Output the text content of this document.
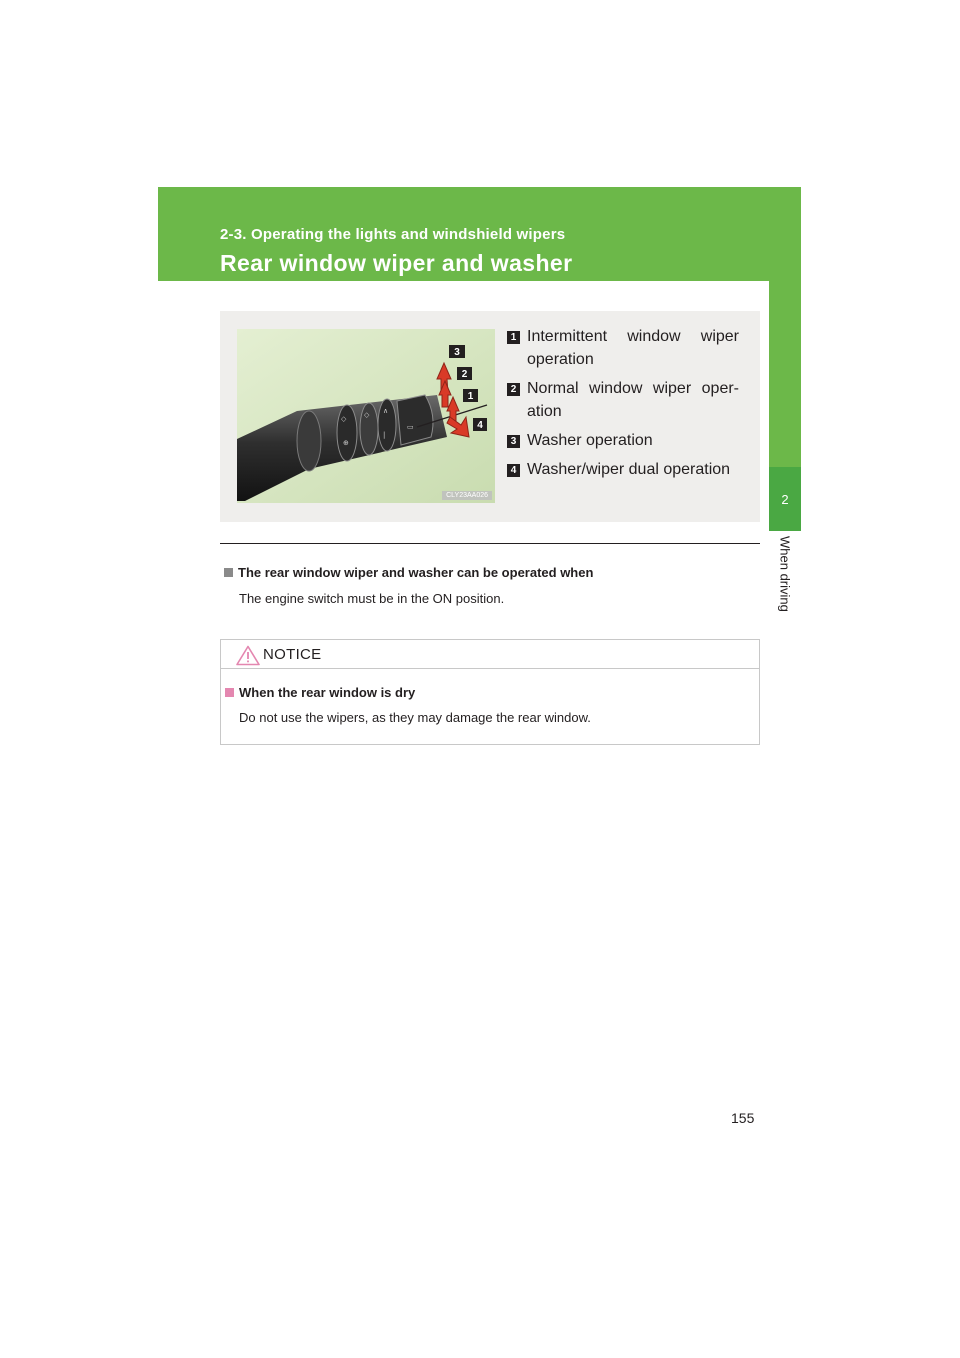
2-3. Operating the lights and windshield wipers
Rear window wiper and washer
2
When driving
◇	◇ ∧
⊕
|
▭
3
2
1
4
CLY23AA026
1 Intermittent window wiper operation
2 Normal window wiper oper-ation
3 Washer operation
4 Washer/wiper dual operation
The rear window wiper and washer can be operated when
The engine switch must be in the ON position.
NOTICE
When the rear window is dry
Do not use the wipers, as they may damage the rear window.
155
